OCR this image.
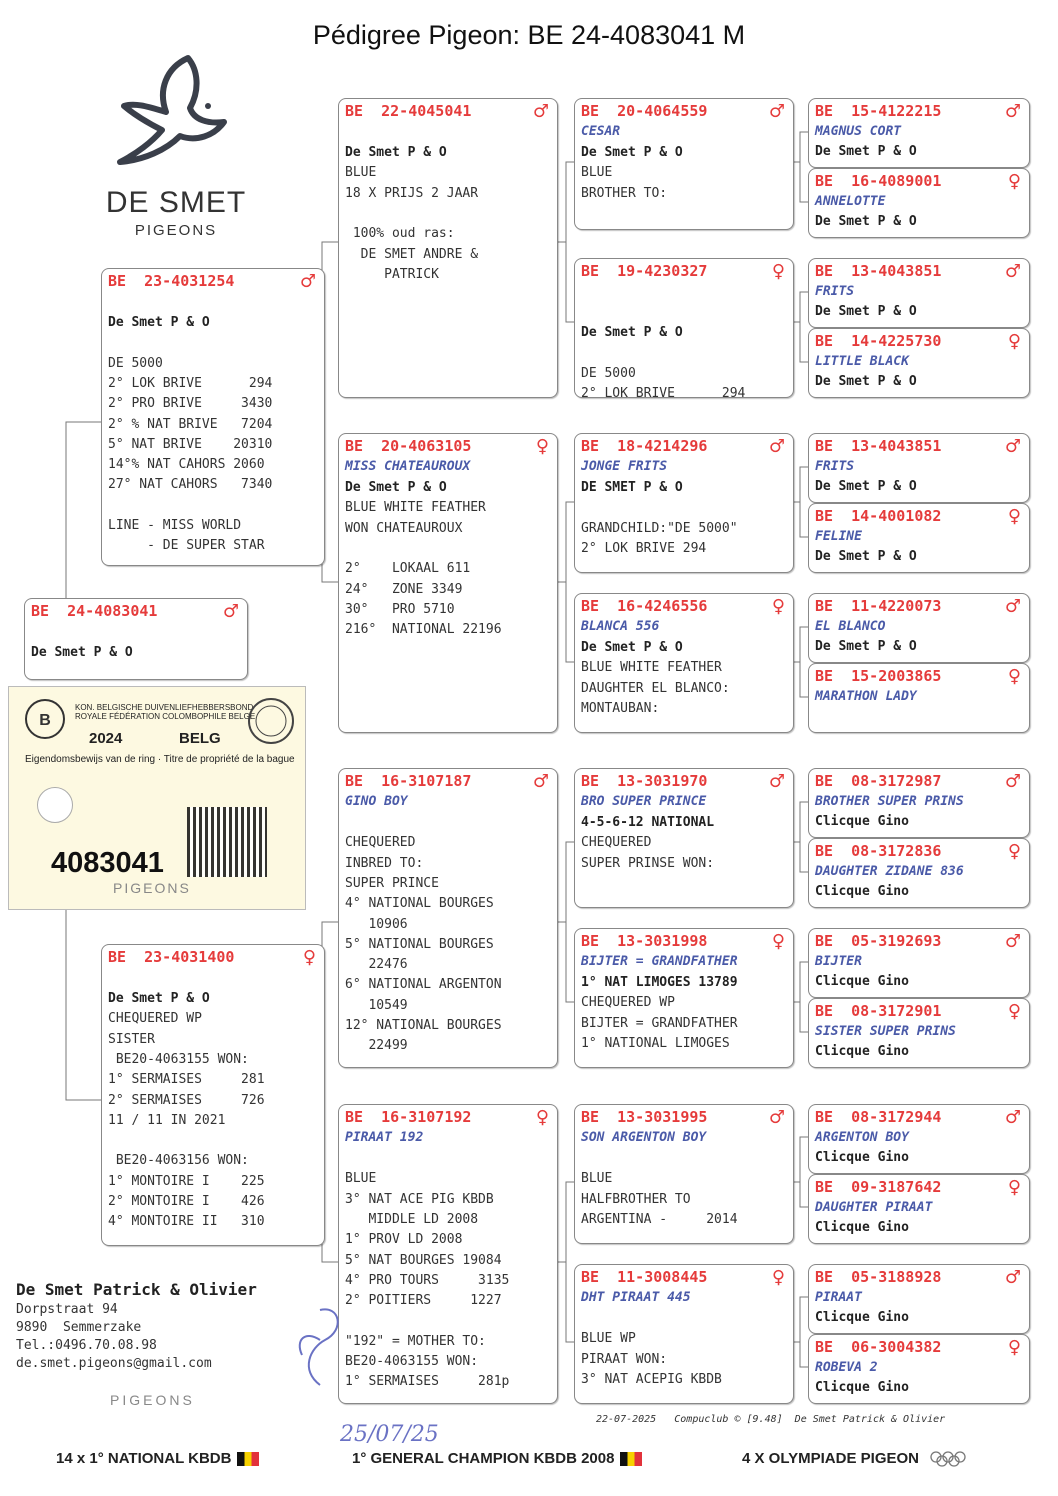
Pédigree Pigeon: BE 24-4083041 M
DE SMET
PIGEONS
BE  23-4031254	♂
De Smet P & O
DE 5000
2° LOK BRIVE      294
2° PRO BRIVE     3430
2° % NAT BRIVE   7204
5° NAT BRIVE    20310
14°% NAT CAHORS 2060
27° NAT CAHORS   7340
LINE - MISS WORLD
- DE SUPER STAR
BE  23-4031400	♀
De Smet P & O
CHEQUERED WP
SISTER
BE20-4063155 WON:
1° SERMAISES     281
2° SERMAISES     726
11 / 11 IN 2021
BE20-4063156 WON:
1° MONTOIRE I    225
2° MONTOIRE I    426
4° MONTOIRE II   310
BE  22-4045041	♂
De Smet P & O
BLUE
18 X PRIJS 2 JAAR
100% oud ras:
DE SMET ANDRE &
PATRICK
BE  20-4063105	♀
MISS CHATEAUROUX
De Smet P & O
BLUE WHITE FEATHER
WON CHATEAUROUX
2°    LOKAAL 611
24°   ZONE 3349
30°   PRO 5710
216°  NATIONAL 22196
BE  16-3107187	♂
GINO BOY
CHEQUERED
INBRED TO:
SUPER PRINCE
4° NATIONAL BOURGES
10906
5° NATIONAL BOURGES
22476
6° NATIONAL ARGENTON
10549
12° NATIONAL BOURGES
22499
BE  16-3107192	♀
PIRAAT 192
BLUE
3° NAT ACE PIG KBDB
MIDDLE LD 2008
1° PROV LD 2008
5° NAT BOURGES 19084
4° PRO TOURS     3135
2° POITIERS     1227
"192" = MOTHER TO:
BE20-4063155 WON:
1° SERMAISES     281p
BE  20-4064559	♂
CESAR
De Smet P & O
BLUE
BROTHER TO:
BE  19-4230327	♀
De Smet P & O
DE 5000
2° LOK BRIVE      294
BE  18-4214296	♂
JONGE FRITS
DE SMET P & O
GRANDCHILD:"DE 5000"
2° LOK BRIVE 294
BE  16-4246556	♀
BLANCA 556
De Smet P & O
BLUE WHITE FEATHER
DAUGHTER EL BLANCO:
MONTAUBAN:
BE  13-3031970	♂
BRO SUPER PRINCE
4-5-6-12 NATIONAL
CHEQUERED
SUPER PRINSE WON:
BE  13-3031998	♀
BIJTER = GRANDFATHER
1° NAT LIMOGES 13789
CHEQUERED WP
BIJTER = GRANDFATHER
1° NATIONAL LIMOGES
BE  13-3031995	♂
SON ARGENTON BOY
BLUE
HALFBROTHER TO
ARGENTINA -     2014
BE  11-3008445	♀
DHT PIRAAT 445
BLUE WP
PIRAAT WON:
3° NAT ACEPIG KBDB
BE  15-4122215	♂
MAGNUS CORT
De Smet P & O
BE  16-4089001	♀
ANNELOTTE
De Smet P & O
BE  13-4043851	♂
FRITS
De Smet P & O
BE  14-4225730	♀
LITTLE BLACK
De Smet P & O
BE  13-4043851	♂
FRITS
De Smet P & O
BE  14-4001082	♀
FELINE
De Smet P & O
BE  11-4220073	♂
EL BLANCO
De Smet P & O
BE  15-2003865	♀
MARATHON LADY
BE  08-3172987	♂
BROTHER SUPER PRINS
Clicque Gino
BE  08-3172836	♀
DAUGHTER ZIDANE 836
Clicque Gino
BE  05-3192693	♂
BIJTER
Clicque Gino
BE  08-3172901	♀
SISTER SUPER PRINS
Clicque Gino
BE  08-3172944	♂
ARGENTON BOY
Clicque Gino
BE  09-3187642	♀
DAUGHTER PIRAAT
Clicque Gino
BE  05-3188928	♂
PIRAAT
Clicque Gino
BE  06-3004382	♀
ROBEVA 2
Clicque Gino
BE  24-4083041	♂
De Smet P & O
B
KON. BELGISCHE DUIVENLIEFHEBBERSBOND
ROYALE FÉDÉRATION COLOMBOPHILE BELGE
2024	BELG
Eigendomsbewijs van de ring · Titre de propriété de la bague
4083041
PIGEONS
De Smet Patrick & Olivier
Dorpstraat 94
9890  Semmerzake
Tel.:0496.70.08.98
de.smet.pigeons@gmail.com
PIGEONS
25/07/25
22-07-2025   Compuclub © [9.48]  De Smet Patrick & Olivier
14 x 1° NATIONAL KBDB	1° GENERAL CHAMPION KBDB 2008	4 X OLYMPIADE PIGEON
